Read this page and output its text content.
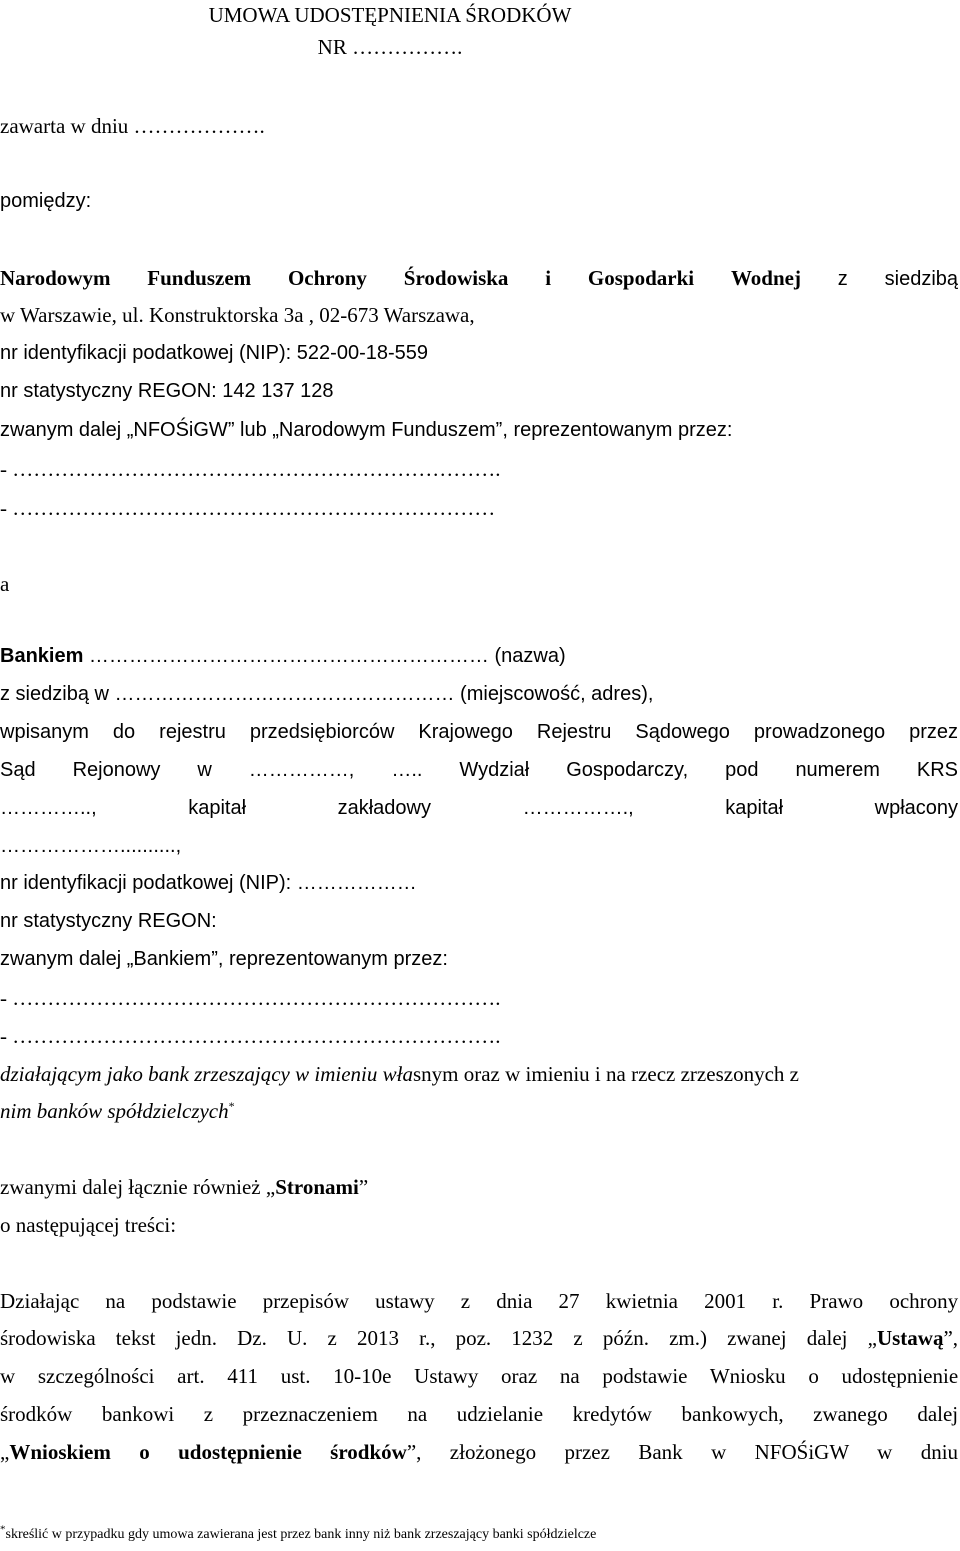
UMOWA UDOSTĘPNIENIA ŚRODKÓW
NR …………….
zawarta w dniu ……………….
pomiędzy:
Narodowym Funduszem Ochrony Środowiska i Gospodarki Wodnej z siedzibą
w Warszawie, ul. Konstruktorska 3a , 02-673 Warszawa,
nr identyfikacji podatkowej (NIP): 522-00-18-559
nr statystyczny REGON: 142 137 128
zwanym dalej „NFOŚiGW” lub „Narodowym Funduszem”, reprezentowanym przez:
- …………………………………………………………….
- ……………………………………………………………
a
Bankiem …………………………………………………… (nazwa)
z siedzibą w …………………………………………… (miejscowość, adres),
wpisanym do rejestru przedsiębiorców Krajowego Rejestru Sądowego prowadzonego przez
Sąd Rejonowy w ……………, ….. Wydział Gospodarczy, pod numerem KRS
…………..,	kapitał	zakładowy	…………….,	kapitał	wpłacony
………………..........,
nr identyfikacji podatkowej (NIP): ………………
nr statystyczny REGON:
zwanym dalej „Bankiem”, reprezentowanym przez:
- …………………………………………………………….
- …………………………………………………………….
działającym jako bank zrzeszający w imieniu własnym oraz w imieniu i na rzecz zrzeszonych z
nim banków spółdzielczych*
zwanymi dalej łącznie również „Stronami”
o następującej treści:
Działając na podstawie przepisów ustawy z dnia 27 kwietnia 2001 r. Prawo ochrony
środowiska tekst jedn. Dz. U. z 2013 r., poz. 1232 z późn. zm.) zwanej dalej „Ustawą”,
w szczególności art. 411 ust. 10-10e Ustawy oraz na podstawie Wniosku o udostępnienie
środków bankowi z przeznaczeniem na udzielanie kredytów bankowych, zwanego dalej
„Wnioskiem o udostępnienie środków”, złożonego przez Bank w NFOŚiGW w dniu
*skreślić w przypadku gdy umowa zawierana jest przez bank inny niż bank zrzeszający banki spółdzielcze
